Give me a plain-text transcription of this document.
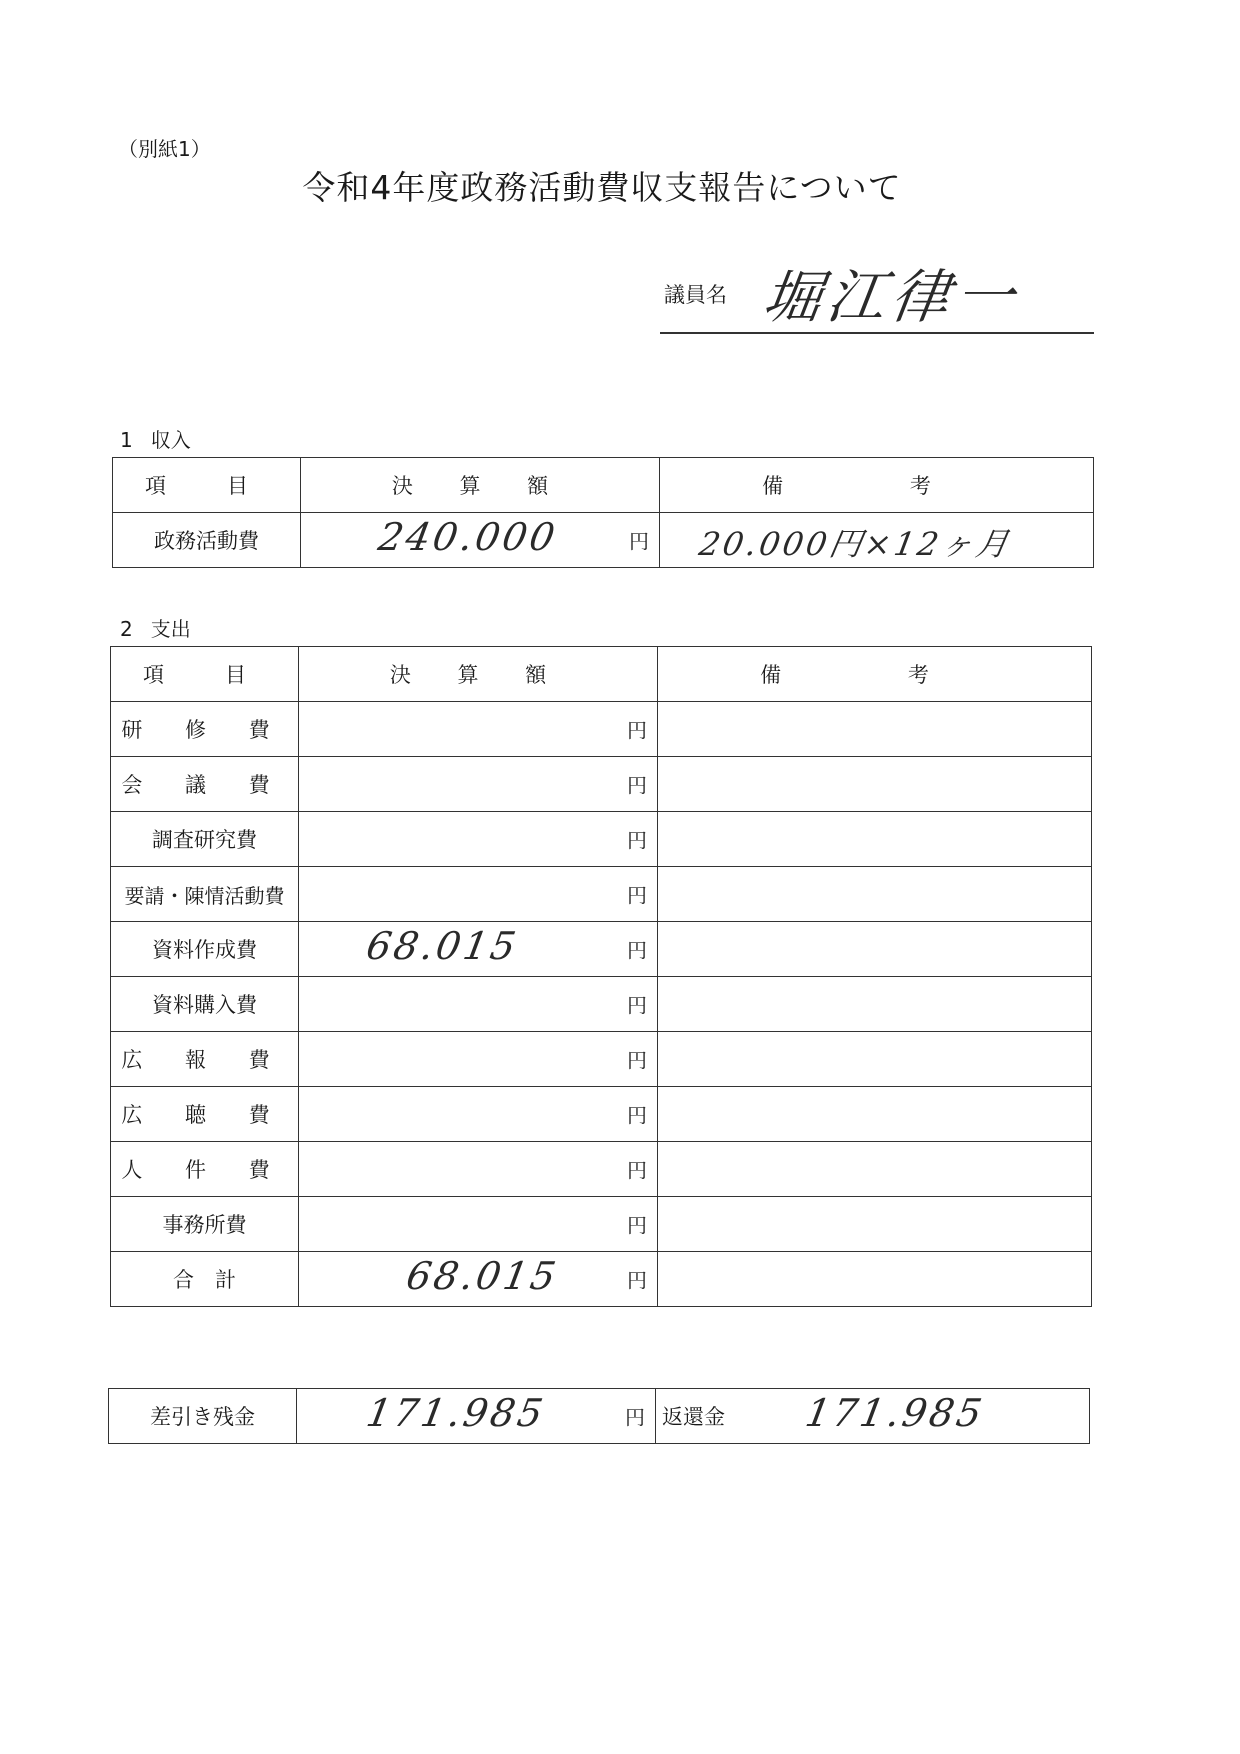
（別紙1）
令和4年度政務活動費収支報告について
議員名 堀江律一
1 収入
項　目	決 算 額	備 考
政務活動費	240.000 円	20.000円×12ヶ月
2 支出
項　目	決 算 額	備 考
研 修 費	円	

会 議 費	円	

調査研究費	円	

要請・陳情活動費	円	

資料作成費	68.015 円	

資料購入費	円	

広 報 費	円	

広 聴 費	円	

人 件 費	円	

事務所費	円	

合　計	68.015 円	

差引き残金	171.985	円	返還金 171.985
